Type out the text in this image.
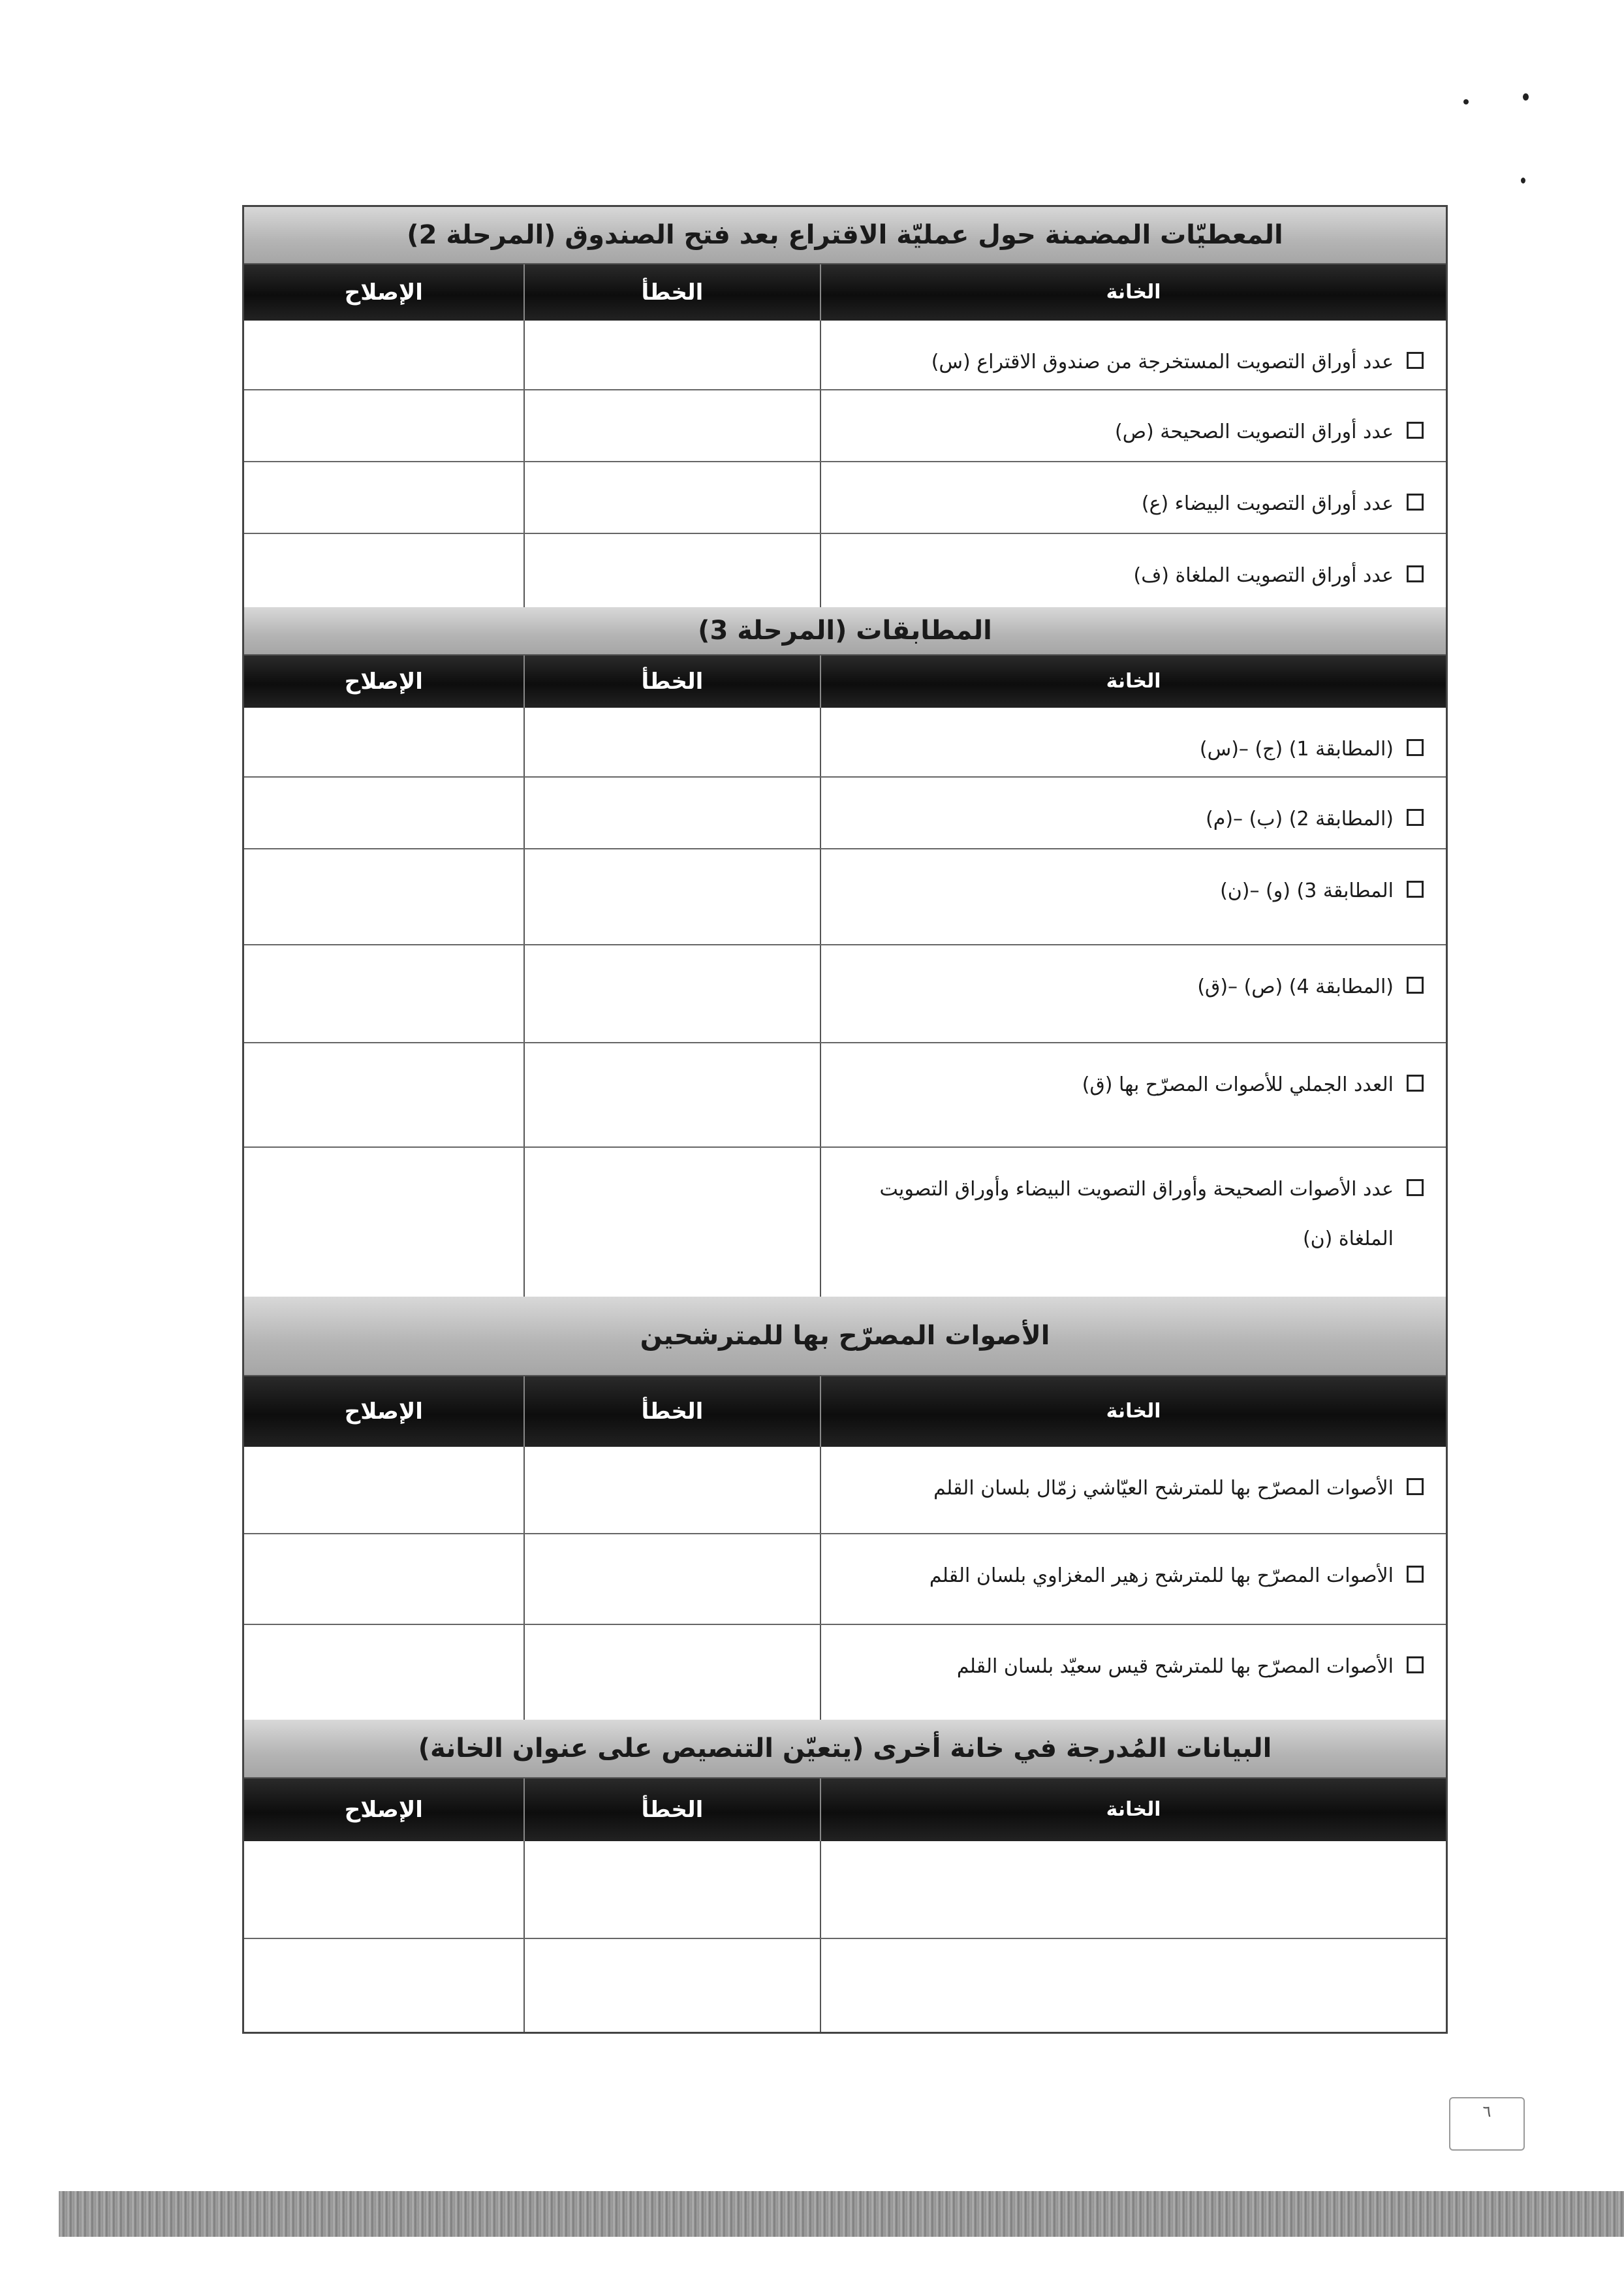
المعطيّات المضمنة حول عمليّة الاقتراع بعد فتح الصندوق (المرحلة 2)
الخانة
الخطأ
الإصلاح
عدد أوراق التصويت المستخرجة من صندوق الاقتراع (س)
عدد أوراق التصويت الصحيحة (ص)
عدد أوراق التصويت البيضاء (ع)
عدد أوراق التصويت الملغاة (ف)
المطابقات (المرحلة 3)
الخانة
الخطأ
الإصلاح
(المطابقة 1) (ج) –(س)
(المطابقة 2) (ب) –(م)
المطابقة 3) (و) –(ن)
(المطابقة 4) (ص) –(ق)
العدد الجملي للأصوات المصرّح بها (ق)
عدد الأصوات الصحيحة وأوراق التصويت البيضاء وأوراق التصويت الملغاة (ن)
الأصوات المصرّح بها للمترشحين
الخانة
الخطأ
الإصلاح
الأصوات المصرّح بها للمترشح العيّاشي زمّال بلسان القلم
الأصوات المصرّح بها للمترشح زهير المغزاوي بلسان القلم
الأصوات المصرّح بها للمترشح قيس سعيّد بلسان القلم
البيانات المُدرجة في خانة أخرى (يتعيّن التنصيص على عنوان الخانة)
الخانة
الخطأ
الإصلاح
٦
